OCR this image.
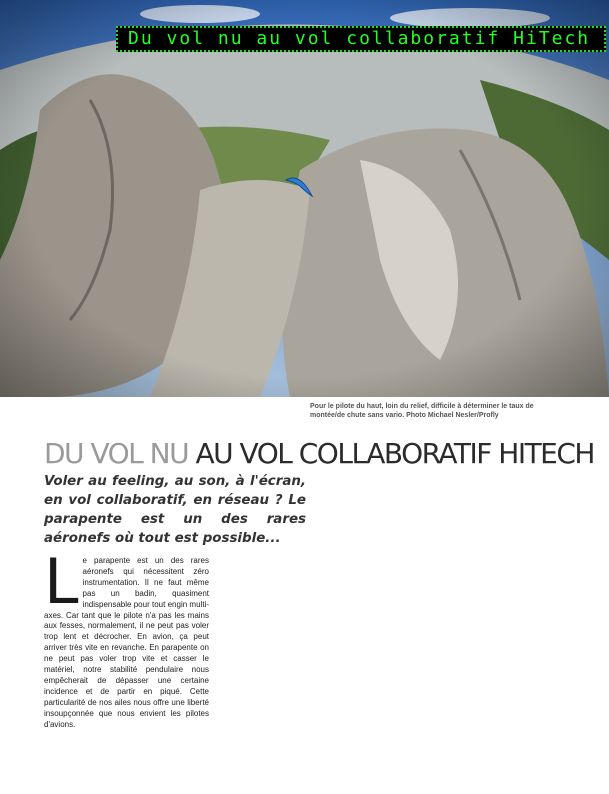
Du vol nu au vol collaboratif HiTech
Pour le pilote du haut, loin du relief, difficile à déterminer le taux de montée/de chute sans vario. Photo Michael Nesler/Profly
DU VOL NU AU VOL COLLABORATIF HITECH
Voler au feeling, au son, à l'écran, en vol collaboratif, en réseau ? Le parapente est un des rares aéronefs où tout est possible...
Le parapente est un des rares aéronefs qui nécessitent zéro instrumentation. Il ne faut même pas un badin, quasiment indispensable pour tout engin multi-axes. Car tant que le pilote n'a pas les mains aux fesses, normalement, il ne peut pas voler trop lent et décrocher. En avion, ça peut arriver très vite en revanche. En parapente on ne peut pas voler trop vite et casser le matériel, notre stabilité pendulaire nous empêcherait de dépasser une certaine incidence et de partir en piqué. Cette particularité de nos ailes nous offre une liberté insoupçonnée que nous envient les pilotes d'avions.
